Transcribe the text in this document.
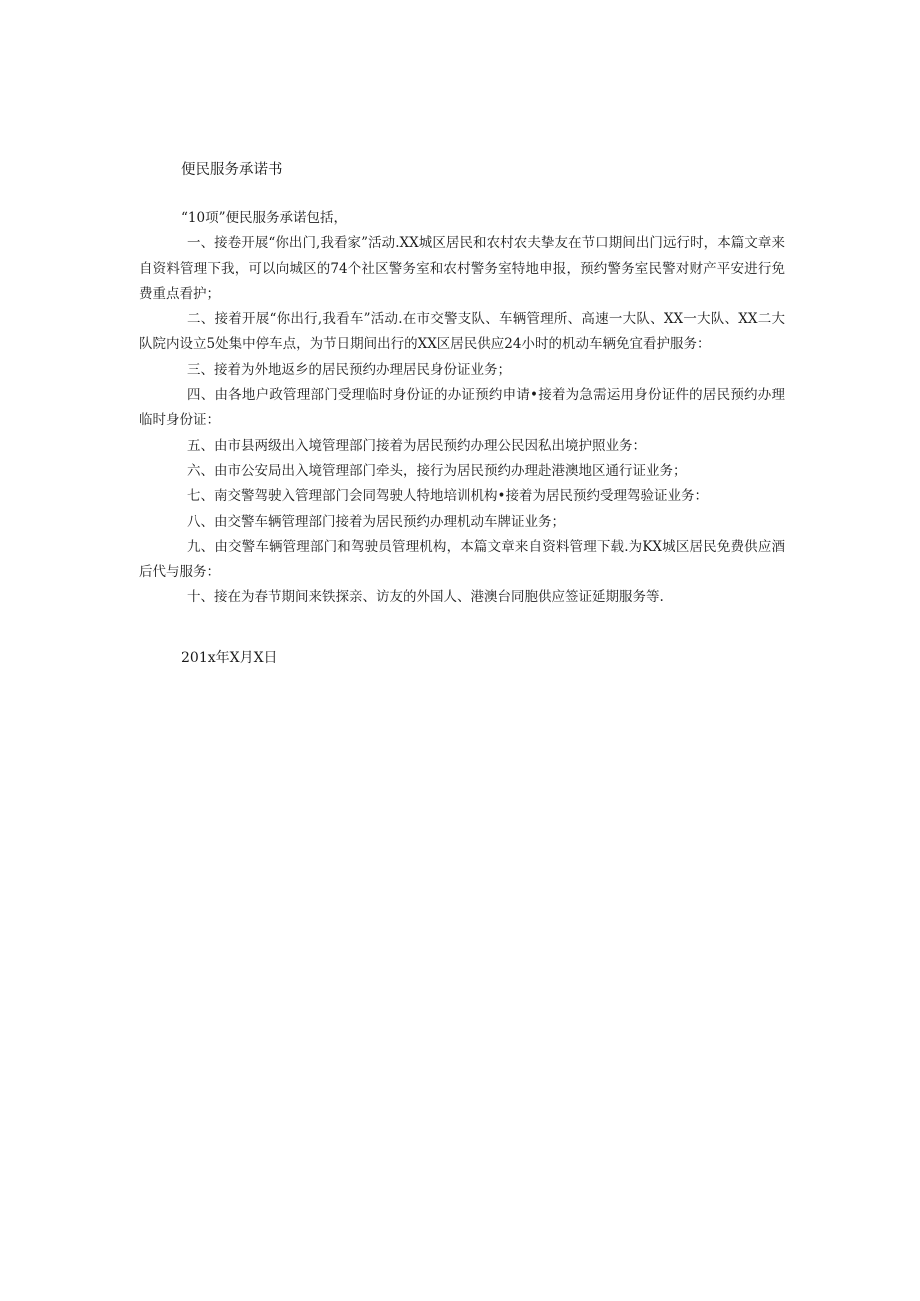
便民服务承诺书

“10项”便民服务承诺包括，

一、接卷开展“你出门,我看家”活动.XX城区居民和农村农夫挚友在节口期间出门远行时，本篇文章来自资料管理下我，可以向城区的74个社区警务室和农村警务室特地申报，预约警务室民警对财产平安进行免费重点看护；

二、接着开展“你出行,我看车”活动.在市交警支队、车辆管理所、高速一大队、XX一大队、XX二大队院内设立5处集中停车点，为节日期间出行的XX区居民供应24小时的机动车辆免宜看护服务：

三、接着为外地返乡的居民预约办理居民身份证业务；

四、由各地户政管理部门受理临时身份证的办证预约申请•接着为急需运用身份证件的居民预约办理临时身份证：

五、由市县两级出入境管理部门接着为居民预约办理公民因私出境护照业务：

六、由市公安局出入境管理部门牵头，接行为居民预约办理赴港澳地区通行证业务；

七、南交警驾驶入管理部门会同驾驶人特地培训机构•接着为居民预约受理驾验证业务：

八、由交警车辆管理部门接着为居民预约办理机动车牌证业务；

九、由交警车辆管理部门和驾驶员管理机构，本篇文章来自资料管理下载.为KX城区居民免费供应酒后代与服务：

十、接在为春节期间来铁探亲、访友的外国人、港澳台同胞供应签证延期服务等.

201x年X月X日
